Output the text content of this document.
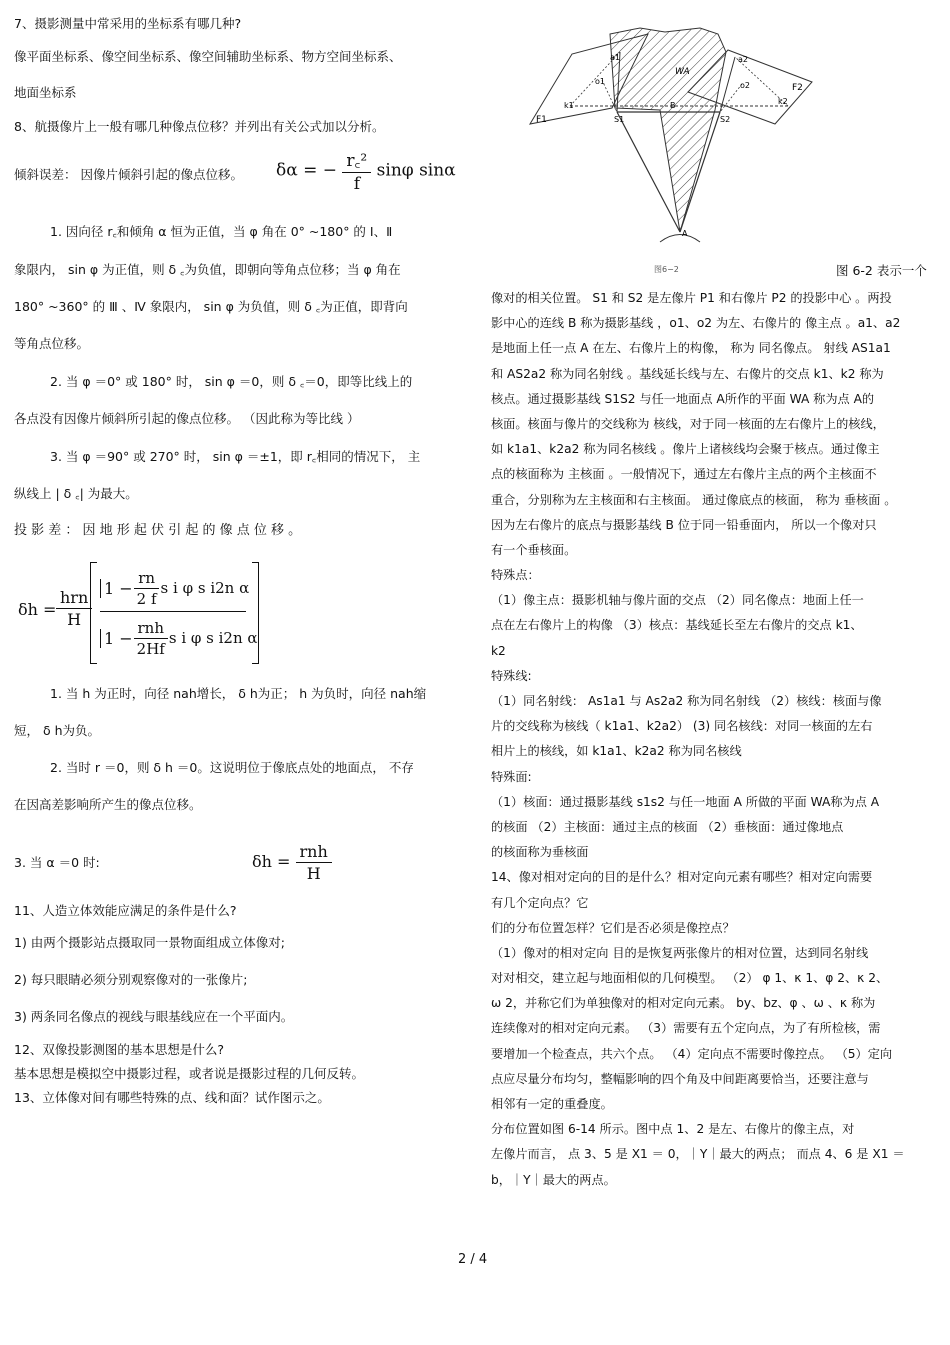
7、摄影测量中常采用的坐标系有哪几种?
像平面坐标系、像空间坐标系、像空间辅助坐标系、物方空间坐标系、
地面坐标系
8、航摄像片上一般有哪几种像点位移？并列出有关公式加以分析。
倾斜误差： 因像片倾斜引起的像点位移。 δα = − $\frac{\text{r꜀²}}{f}$ sinφ sinα
1. 因向径 r꜀和倾角 α 恒为正值，当 φ 角在 0° ~180° 的 Ⅰ、Ⅱ
象限内， sin φ 为正值，则 δ ꜀为负值，即朝向等角点位移；当 φ 角在
180° ~360° 的 Ⅲ 、Ⅳ 象限内， sin φ 为负值，则 δ ꜀为正值，即背向
等角点位移。
2. 当 φ ＝0° 或 180° 时， sin φ ＝0，则 δ ꜀＝0，即等比线上的
各点没有因像片倾斜所引起的像点位移。 （因此称为等比线 ）
3. 当 φ ＝90° 或 270° 时， sin φ ＝±1，即 r꜀相同的情况下， 主
纵线上 | δ ꜀| 为最大。
投 影 差 ： 因 地 形 起 伏 引 起 的 像 点 位 移 。
δh =
hrn
H
$1 - \frac{rn}{2 f}$ s i φ s i2n α
$1 - \frac{\text{rnh}}{2Hf}$ s i φ s i2n α
1. 当 h 为正时，向径 nah增长， δ h为正； h 为负时，向径 nah缩
短， δ h为负。
2. 当时 r ＝0，则 δ h ＝0。这说明位于像底点处的地面点， 不存
在因高差影响所产生的像点位移。
3. 当 α ＝0 时:	$\delta h = \frac{\text{rnh}}{H}$
11、人造立体效能应满足的条件是什么?
1) 由两个摄影站点摄取同一景物面组成立体像对;
2) 每只眼睛必须分别观察像对的一张像片;
3) 两条同名像点的视线与眼基线应在一个平面内。
12、双像投影测图的基本思想是什么?
基本思想是模拟空中摄影过程，或者说是摄影过程的几何反转。
13、立体像对间有哪些特殊的点、线和面？试作图示之。
a1	a2
o1	o2
k1	k2
F1
F2
S1	S2
B
WA
A
图6−2	图 6-2 表示一个
像对的相关位置。 S1 和 S2 是左像片 P1 和右像片 P2 的投影中心 。两投
影中心的连线 B 称为摄影基线 ，o1、o2 为左、右像片的 像主点 。a1、a2
是地面上任一点 A 在左、右像片上的构像， 称为 同名像点。 射线 AS1a1
和 AS2a2 称为同名射线 。基线延长线与左、右像片的交点 k1、k2 称为
核点。通过摄影基线 S1S2 与任一地面点 A所作的平面 WA 称为点 A的
核面。核面与像片的交线称为 核线，对于同一核面的左右像片上的核线，
如 k1a1、k2a2 称为同名核线 。像片上诸核线均会聚于核点。通过像主
点的核面称为 主核面 。一般情况下，通过左右像片主点的两个主核面不
重合，分别称为左主核面和右主核面。 通过像底点的核面， 称为 垂核面 。
因为左右像片的底点与摄影基线 B 位于同一铅垂面内， 所以一个像对只
有一个垂核面。
特殊点：
（1）像主点：摄影机轴与像片面的交点 （2）同名像点：地面上任一
点在左右像片上的构像 （3）核点：基线延长至左右像片的交点 k1、
k2
特殊线:
（1）同名射线： As1a1 与 As2a2 称为同名射线 （2）核线：核面与像
片的交线称为核线（ k1a1、k2a2） (3) 同名核线：对同一核面的左右
相片上的核线，如 k1a1、k2a2 称为同名核线
特殊面:
（1）核面：通过摄影基线 s1s2 与任一地面 A 所做的平面 WA称为点 A
的核面 （2）主核面：通过主点的核面 （2）垂核面：通过像地点
的核面称为垂核面
14、像对相对定向的目的是什么？相对定向元素有哪些？相对定向需要
有几个定向点？它
们的分布位置怎样？它们是否必须是像控点？
（1）像对的相对定向 目的是恢复两张像片的相对位置，达到同名射线
对对相交，建立起与地面相似的几何模型。 （2） φ 1、κ 1、φ 2、κ 2、
ω 2，并称它们为单独像对的相对定向元素。 by、bz、φ 、ω 、κ 称为
连续像对的相对定向元素。 （3）需要有五个定向点，为了有所检核，需
要增加一个检查点，共六个点。 （4）定向点不需要时像控点。 （5）定向
点应尽量分布均匀，整幅影响的四个角及中间距离要恰当，还要注意与
相邻有一定的重叠度。
分布位置如图 6-14 所示。图中点 1、2 是左、右像片的像主点，对
左像片而言， 点 3、5 是 X1 ＝ 0，｜Y｜最大的两点； 而点 4、6 是 X1 ＝
b，｜Y｜最大的两点。
2 / 4
